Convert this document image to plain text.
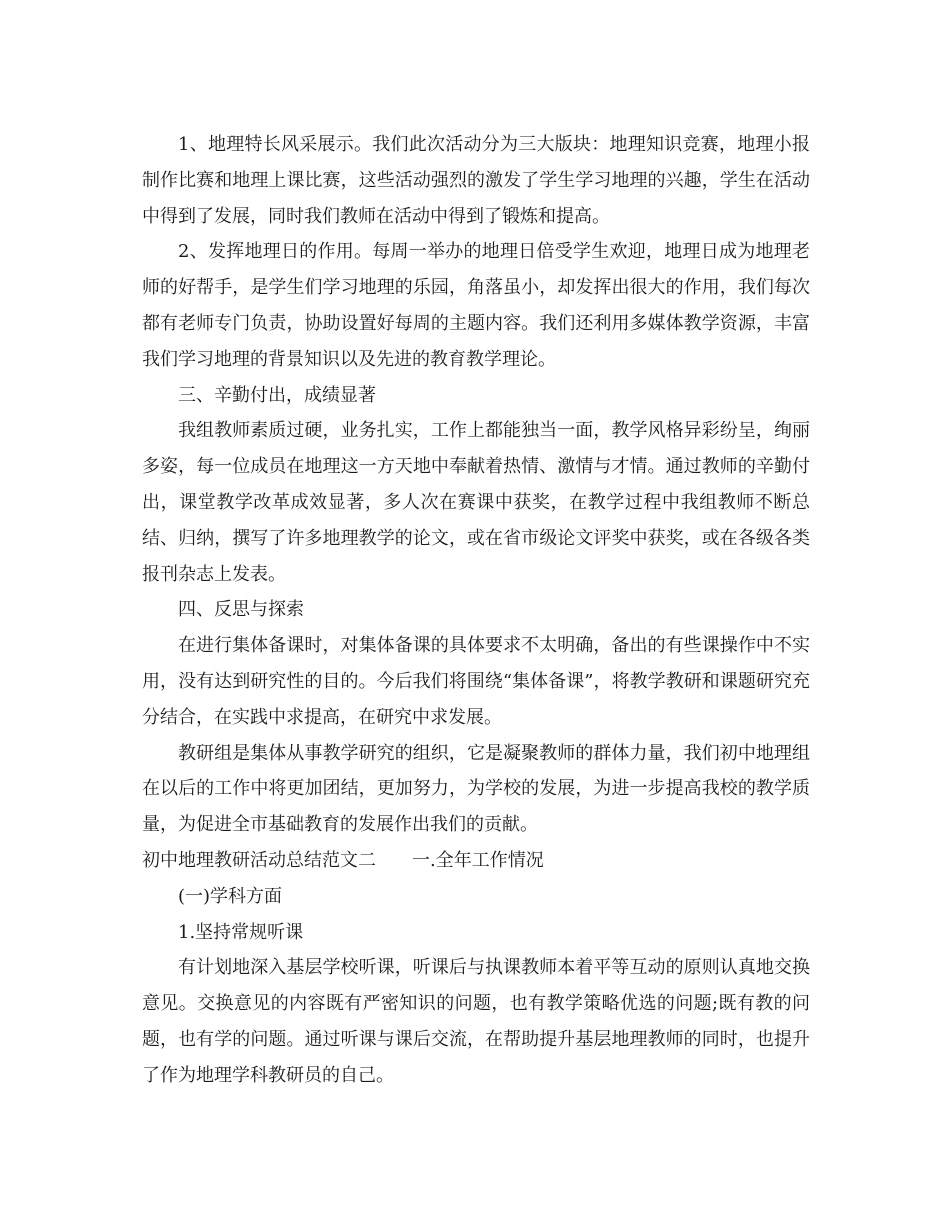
1、地理特长风采展示。我们此次活动分为三大版块：地理知识竞赛，地理小报制作比赛和地理上课比赛，这些活动强烈的激发了学生学习地理的兴趣，学生在活动中得到了发展，同时我们教师在活动中得到了锻炼和提高。

2、发挥地理日的作用。每周一举办的地理日倍受学生欢迎，地理日成为地理老师的好帮手，是学生们学习地理的乐园，角落虽小，却发挥出很大的作用，我们每次都有老师专门负责，协助设置好每周的主题内容。我们还利用多媒体教学资源，丰富我们学习地理的背景知识以及先进的教育教学理论。

三、辛勤付出，成绩显著

我组教师素质过硬，业务扎实，工作上都能独当一面，教学风格异彩纷呈，绚丽多姿，每一位成员在地理这一方天地中奉献着热情、激情与才情。通过教师的辛勤付出，课堂教学改革成效显著，多人次在赛课中获奖，在教学过程中我组教师不断总结、归纳，撰写了许多地理教学的论文，或在省市级论文评奖中获奖，或在各级各类报刊杂志上发表。

四、反思与探索

在进行集体备课时，对集体备课的具体要求不太明确，备出的有些课操作中不实用，没有达到研究性的目的。今后我们将围绕“集体备课”，将教学教研和课题研究充分结合，在实践中求提高，在研究中求发展。

教研组是集体从事教学研究的组织，它是凝聚教师的群体力量，我们初中地理组在以后的工作中将更加团结，更加努力，为学校的发展，为进一步提高我校的教学质量，为促进全市基础教育的发展作出我们的贡献。

初中地理教研活动总结范文二　　一.全年工作情况

(一)学科方面

1.坚持常规听课

有计划地深入基层学校听课，听课后与执课教师本着平等互动的原则认真地交换意见。交换意见的内容既有严密知识的问题，也有教学策略优选的问题;既有教的问题，也有学的问题。通过听课与课后交流，在帮助提升基层地理教师的同时，也提升了作为地理学科教研员的自己。
